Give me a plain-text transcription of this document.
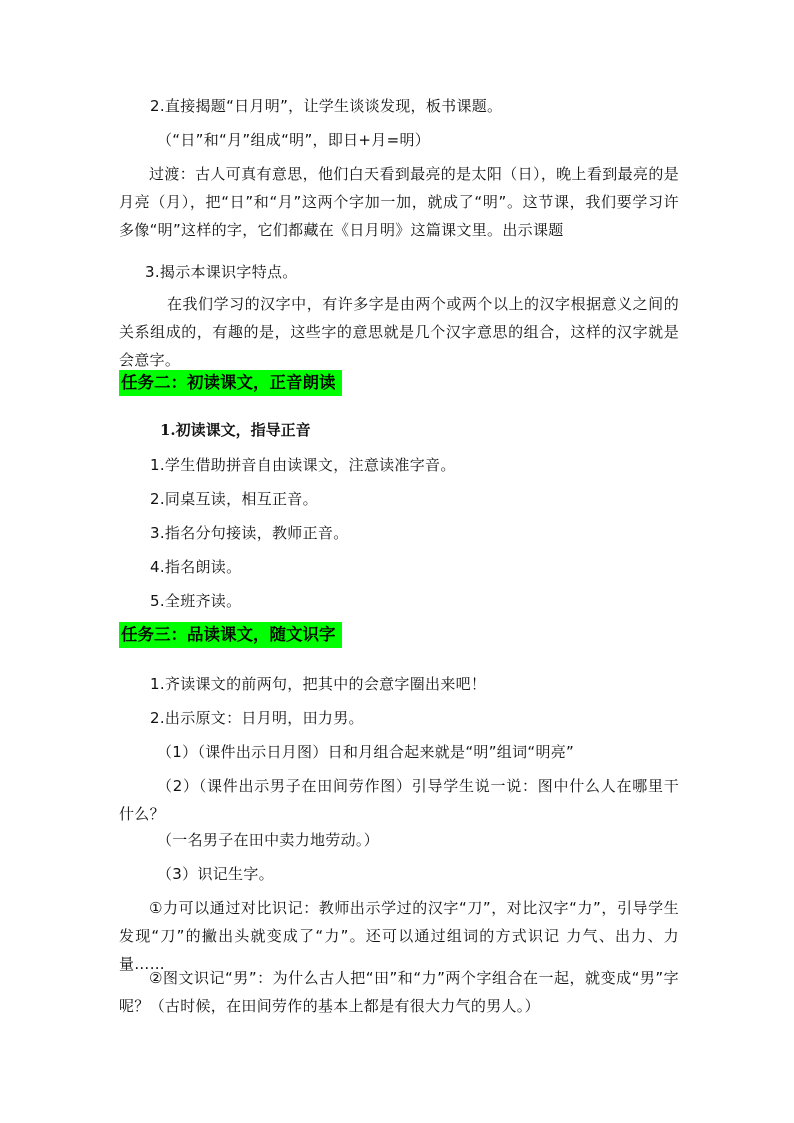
2.直接揭题“日月明”，让学生谈谈发现，板书课题。
（“日”和“月”组成“明”，即日+月=明）
过渡：古人可真有意思，他们白天看到最亮的是太阳（日），晚上看到最亮的是月亮（月），把“日”和“月”这两个字加一加，就成了“明”。这节课，我们要学习许多像“明”这样的字，它们都藏在《日月明》这篇课文里。出示课题
3.揭示本课识字特点。
在我们学习的汉字中，有许多字是由两个或两个以上的汉字根据意义之间的关系组成的，有趣的是，这些字的意思就是几个汉字意思的组合，这样的汉字就是会意字。
任务二：初读课文，正音朗读
1.初读课文，指导正音
1.学生借助拼音自由读课文，注意读准字音。
2.同桌互读，相互正音。
3.指名分句接读，教师正音。
4.指名朗读。
5.全班齐读。
任务三：品读课文，随文识字
1.齐读课文的前两句，把其中的会意字圈出来吧！
2.出示原文：日月明，田力男。
（1）（课件出示日月图）日和月组合起来就是“明”组词“明亮”
（2）（课件出示男子在田间劳作图）引导学生说一说：图中什么人在哪里干什么？
（一名男子在田中卖力地劳动。）
（3）识记生字。
①力可以通过对比识记：教师出示学过的汉字“刀”，对比汉字“力”，引导学生发现“刀”的撇出头就变成了“力”。还可以通过组词的方式识记 力气、出力、力量……
②图文识记“男”：为什么古人把“田”和“力”两个字组合在一起，就变成“男”字呢？（古时候，在田间劳作的基本上都是有很大力气的男人。）
